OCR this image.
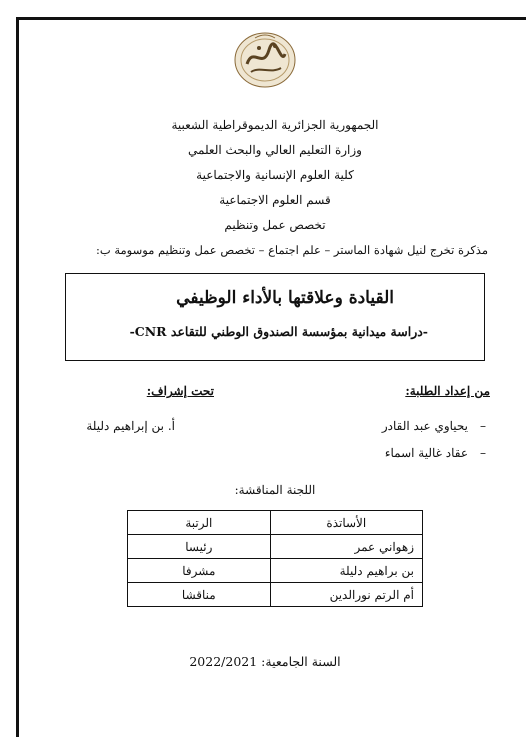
الجمهورية الجزائرية الديموقراطية الشعبية
وزارة التعليم العالي والبحث العلمي
كلية العلوم الإنسانية والاجتماعية
قسم العلوم الاجتماعية
تخصص عمل وتنظيم
مذكرة تخرج لنيل شهادة الماستر – علم اجتماع – تخصص عمل وتنظيم موسومة ب:
القيادة وعلاقتها بالأداء الوظيفي
-دراسة ميدانية بمؤسسة الصندوق الوطني للتقاعد CNR-
من إعداد الطلبة:
تحت إشراف:
يحياوي عبد القادر –
عقاد غالية اسماء –
أ. بن إبراهيم دليلة
اللجنة المناقشة:
الأساتذة	الرتبة
زهواني عمر	رئيسا
بن براهيم دليلة	مشرفا
أم الرتم نورالدين	مناقشا
السنة الجامعية: 2022/2021
